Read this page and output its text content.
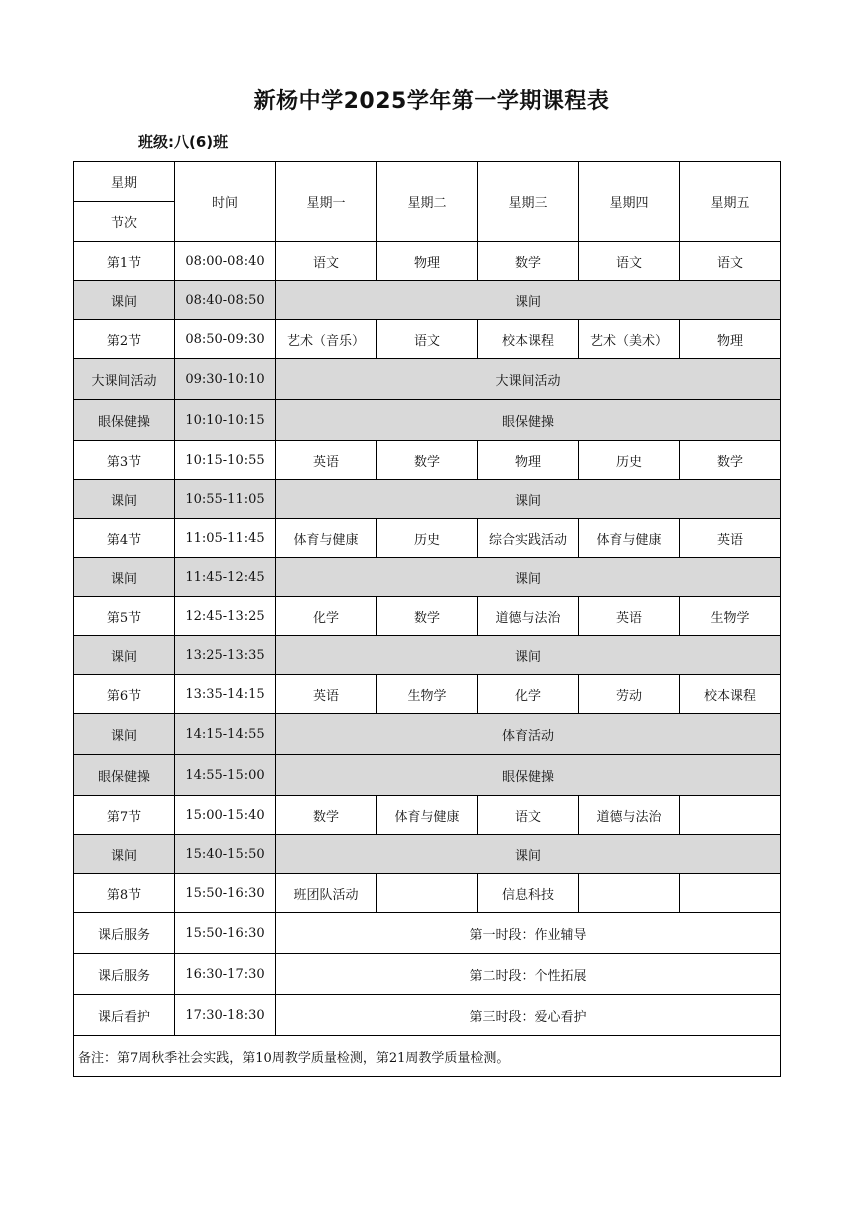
新杨中学2025学年第一学期课程表
班级:八(6)班
星期	时间	星期一	星期二	星期三	星期四	星期五
节次						
第1节	08:00-08:40	语文	物理	数学	语文	语文
课间	08:40-08:50	课间				
第2节	08:50-09:30	艺术（音乐）	语文	校本课程	艺术（美术）	物理
大课间活动	09:30-10:10	大课间活动				
眼保健操	10:10-10:15	眼保健操				
第3节	10:15-10:55	英语	数学	物理	历史	数学
课间	10:55-11:05	课间				
第4节	11:05-11:45	体育与健康	历史	综合实践活动	体育与健康	英语
课间	11:45-12:45	课间				
第5节	12:45-13:25	化学	数学	道德与法治	英语	生物学
课间	13:25-13:35	课间				
第6节	13:35-14:15	英语	生物学	化学	劳动	校本课程
课间	14:15-14:55	体育活动				
眼保健操	14:55-15:00	眼保健操				
第7节	15:00-15:40	数学	体育与健康	语文	道德与法治	
课间	15:40-15:50	课间				
第8节	15:50-16:30	班团队活动		信息科技		
课后服务	15:50-16:30	第一时段：作业辅导				
课后服务	16:30-17:30	第二时段：个性拓展				
课后看护	17:30-18:30	第三时段：爱心看护				
备注：第7周秋季社会实践，第10周教学质量检测，第21周教学质量检测。						
